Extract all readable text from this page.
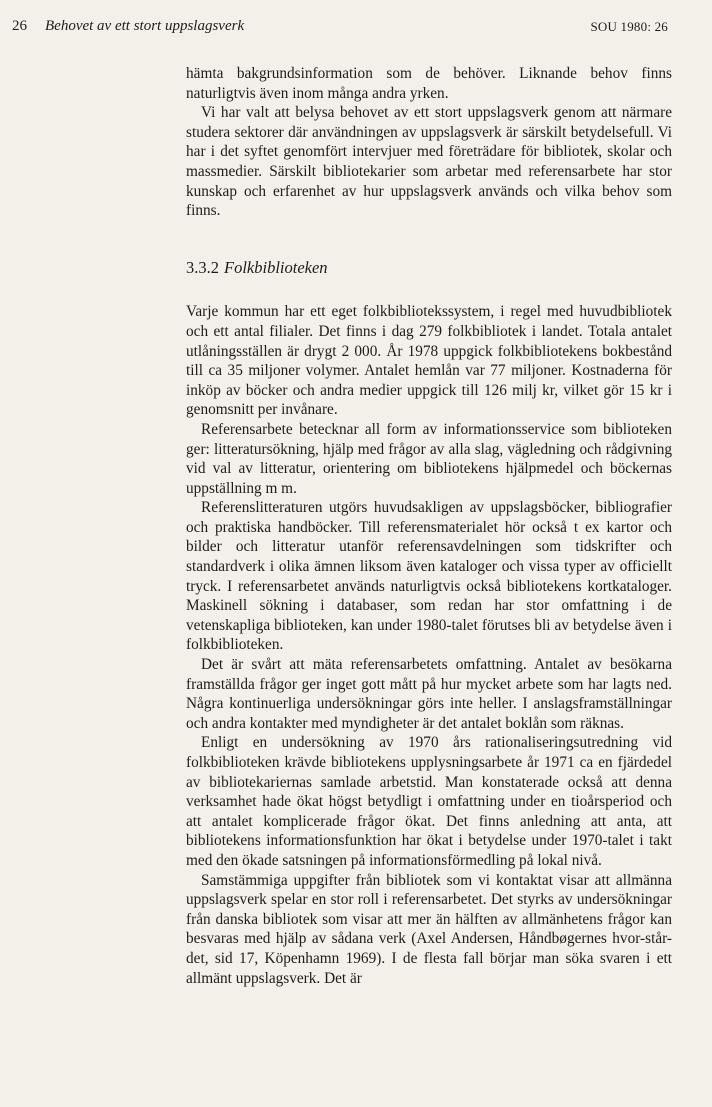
26 Behovet av ett stort uppslagsverk	SOU 1980: 26

hämta bakgrundsinformation som de behöver. Liknande behov finns naturligtvis även inom många andra yrken.

Vi har valt att belysa behovet av ett stort uppslagsverk genom att närmare studera sektorer där användningen av uppslagsverk är särskilt betydelsefull. Vi har i det syftet genomfört intervjuer med företrädare för bibliotek, skolar och massmedier. Särskilt bibliotekarier som arbetar med referensarbete har stor kunskap och erfarenhet av hur uppslagsverk används och vilka behov som finns.

3.3.2 Folkbiblioteken

Varje kommun har ett eget folkbibliotekssystem, i regel med huvudbibliotek och ett antal filialer. Det finns i dag 279 folkbibliotek i landet. Totala antalet utlåningsställen är drygt 2 000. År 1978 uppgick folkbibliotekens bokbestånd till ca 35 miljoner volymer. Antalet hemlån var 77 miljoner. Kostnaderna för inköp av böcker och andra medier uppgick till 126 milj kr, vilket gör 15 kr i genomsnitt per invånare.

Referensarbete betecknar all form av informationsservice som biblioteken ger: litteratursökning, hjälp med frågor av alla slag, vägledning och rådgivning vid val av litteratur, orientering om bibliotekens hjälpmedel och böckernas uppställning m m.

Referenslitteraturen utgörs huvudsakligen av uppslagsböcker, bibliografier och praktiska handböcker. Till referensmaterialet hör också t ex kartor och bilder och litteratur utanför referensavdelningen som tidskrifter och standardverk i olika ämnen liksom även kataloger och vissa typer av officiellt tryck. I referensarbetet används naturligtvis också bibliotekens kortkataloger. Maskinell sökning i databaser, som redan har stor omfattning i de vetenskapliga biblioteken, kan under 1980-talet förutses bli av betydelse även i folkbiblioteken.

Det är svårt att mäta referensarbetets omfattning. Antalet av besökarna framställda frågor ger inget gott mått på hur mycket arbete som har lagts ned. Några kontinuerliga undersökningar görs inte heller. I anslagsframställningar och andra kontakter med myndigheter är det antalet boklån som räknas.

Enligt en undersökning av 1970 års rationaliseringsutredning vid folkbiblioteken krävde bibliotekens upplysningsarbete år 1971 ca en fjärdedel av bibliotekariernas samlade arbetstid. Man konstaterade också att denna verksamhet hade ökat högst betydligt i omfattning under en tioårsperiod och att antalet komplicerade frågor ökat. Det finns anledning att anta, att bibliotekens informationsfunktion har ökat i betydelse under 1970-talet i takt med den ökade satsningen på informationsförmedling på lokal nivå.

Samstämmiga uppgifter från bibliotek som vi kontaktat visar att allmänna uppslagsverk spelar en stor roll i referensarbetet. Det styrks av undersökningar från danska bibliotek som visar att mer än hälften av allmänhetens frågor kan besvaras med hjälp av sådana verk (Axel Andersen, Håndbøgernes hvor-står-det, sid 17, Köpenhamn 1969). I de flesta fall börjar man söka svaren i ett allmänt uppslagsverk. Det är
